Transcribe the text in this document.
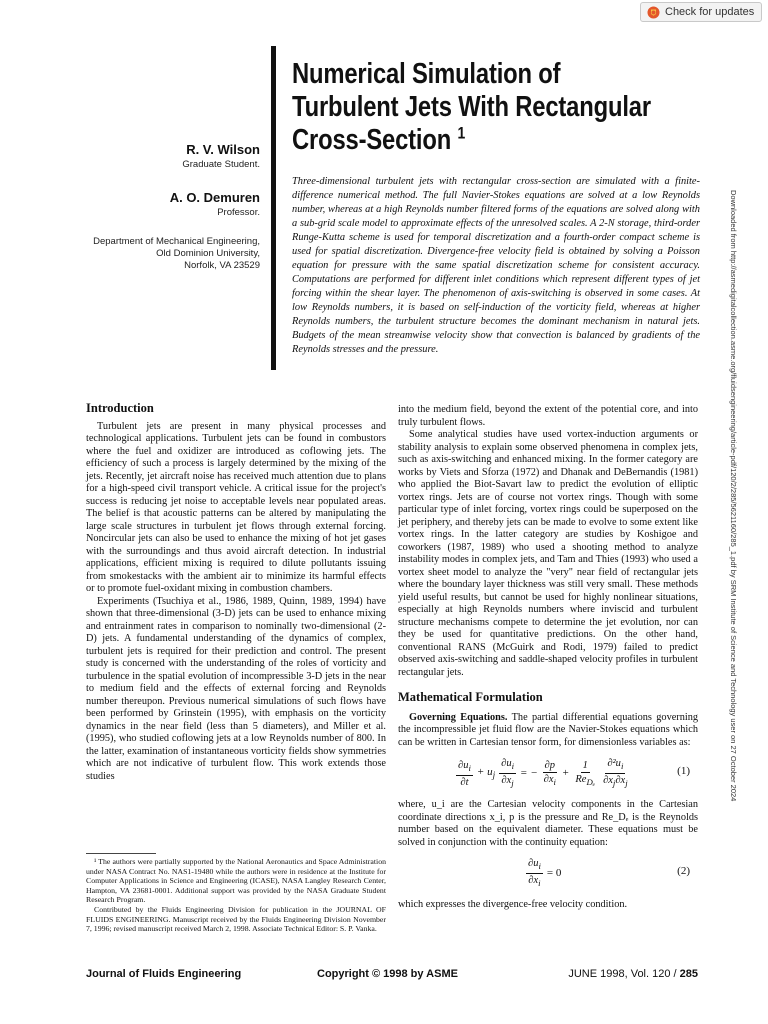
Check for updates
Numerical Simulation of Turbulent Jets With Rectangular Cross-Section $^1$

R. V. Wilson

Graduate Student.

A. O. Demuren

Professor.

Department of Mechanical Engineering,
Old Dominion University,
Norfolk, VA 23529

Three-dimensional turbulent jets with rectangular cross-section are simulated with a finite-difference numerical method. The full Navier-Stokes equations are solved at a low Reynolds number, whereas at a high Reynolds number filtered forms of the equations are solved along with a sub-grid scale model to approximate effects of the unresolved scales. A 2-N storage, third-order Runge-Kutta scheme is used for temporal discretization and a fourth-order compact scheme is used for spatial discretization. Divergence-free velocity field is obtained by solving a Poisson equation for pressure with the same spatial discretization scheme for consistent accuracy. Computations are performed for different inlet conditions which represent different types of jet forcing within the shear layer. The phenomenon of axis-switching is observed in some cases. At low Reynolds numbers, it is based on self-induction of the vorticity field, whereas at higher Reynolds numbers, the turbulent structure becomes the dominant mechanism in natural jets. Budgets of the mean streamwise velocity show that convection is balanced by gradients of the Reynolds stresses and the pressure.	Downloaded from http://asmedigitalcollection.asme.org/fluidsengineering/article-pdf/120/2/285/5621160/285_1.pdf by SRM Institute of Science and Technology user on 27 October 2024
Introduction

Turbulent jets are present in many physical processes and technological applications. Turbulent jets can be found in combustors where the fuel and oxidizer are introduced as coflowing jets. The efficiency of such a process is largely determined by the mixing of the jets. Recently, jet aircraft noise has received much attention due to plans for a high-speed civil transport vehicle. A critical issue for the project's success is reducing jet noise to acceptable levels near populated areas. The belief is that acoustic patterns can be altered by manipulating the large scale structures in turbulent jet flows through external forcing. Noncircular jets can also be used to enhance the mixing of hot jet gases with the surroundings and thus avoid aircraft detection. In industrial applications, efficient mixing is required to dilute pollutants issuing from smokestacks with the ambient air to minimize its harmful effects or to promote fuel-oxidant mixing in combustion chambers.

Experiments (Tsuchiya et al., 1986, 1989, Quinn, 1989, 1994) have shown that three-dimensional (3-D) jets can be used to enhance mixing and entrainment rates in comparison to nominally two-dimensional (2-D) jets. A fundamental understanding of the dynamics of complex, turbulent jets is required for their prediction and control. The present study is concerned with the understanding of the roles of vorticity and turbulence in the spatial evolution of incompressible 3-D jets in the near to medium field and the effects of external forcing and Reynolds number thereupon. Previous numerical simulations of such flows have been performed by Grinstein (1995), with emphasis on the vorticity dynamics in the near field (less than 5 diameters), and Miller et al. (1995), who studied coflowing jets at a low Reynolds number of 800. In the latter, examination of instantaneous vorticity fields show symmetries which are not indicative of turbulent flow. This work extends those studies

into the medium field, beyond the extent of the potential core, and into truly turbulent flows.

Some analytical studies have used vortex-induction arguments or stability analysis to explain some observed phenomena in complex jets, such as axis-switching and enhanced mixing. In the former category are works by Viets and Sforza (1972) and Dhanak and DeBernandis (1981) who applied the Biot-Savart law to predict the evolution of elliptic vortex rings. Jets are of course not vortex rings. Though with some particular type of inlet forcing, vortex rings could be superposed on the jet periphery, and thereby jets can be made to evolve to some extent like vortex rings. In the latter category are studies by Koshigoe and coworkers (1987, 1989) who used a shooting method to analyze instability modes in complex jets, and Tam and Thies (1993) who used a vortex sheet model to analyze the "very" near field of rectangular jets where the boundary layer thickness was still very small. These methods yield useful results, but cannot be used for highly nonlinear situations, especially at high Reynolds numbers where inviscid and turbulent structure mechanisms compete to determine the jet evolution, nor can they be used for quantitative predictions. On the other hand, conventional RANS (McGuirk and Rodi, 1979) failed to predict observed axis-switching and saddle-shaped velocity profiles in turbulent rectangular jets.

Mathematical Formulation

Governing Equations. The partial differential equations governing the incompressible jet fluid flow are the Navier-Stokes equations which can be written in Cartesian tensor form, for dimensionless variables as:

$\frac{\partial u_i}{\partial t} + u_j \frac{\partial u_i}{\partial x_j}$ = − $\frac{\partial p}{\partial x_i} + \frac{1}{Re_{D_e}} \frac{\partial^2u_i}{\partial x_j\partial x_j}$	(1)

where, u_i are the Cartesian velocity components in the Cartesian coordinate directions x_i, p is the pressure and Re_Dₑ is the Reynolds number based on the equivalent diameter. These equations must be solved in conjunction with the continuity equation:

$\frac{\partial u_i}{\partial x_i} = 0$	(2)

which expresses the divergence-free velocity condition.

¹ The authors were partially supported by the National Aeronautics and Space Administration under NASA Contract No. NAS1-19480 while the authors were in residence at the Institute for Computer Applications in Science and Engineering (ICASE), NASA Langley Research Center, Hampton, VA 23681-0001. Additional support was provided by the NASA Graduate Student Research Program.

Contributed by the Fluids Engineering Division for publication in the JOURNAL OF FLUIDS ENGINEERING. Manuscript received by the Fluids Engineering Division November 7, 1996; revised manuscript received March 2, 1998. Associate Technical Editor: S. P. Vanka.

Journal of Fluids Engineering	Copyright © 1998 by ASME	JUNE 1998, Vol. 120 / 285
